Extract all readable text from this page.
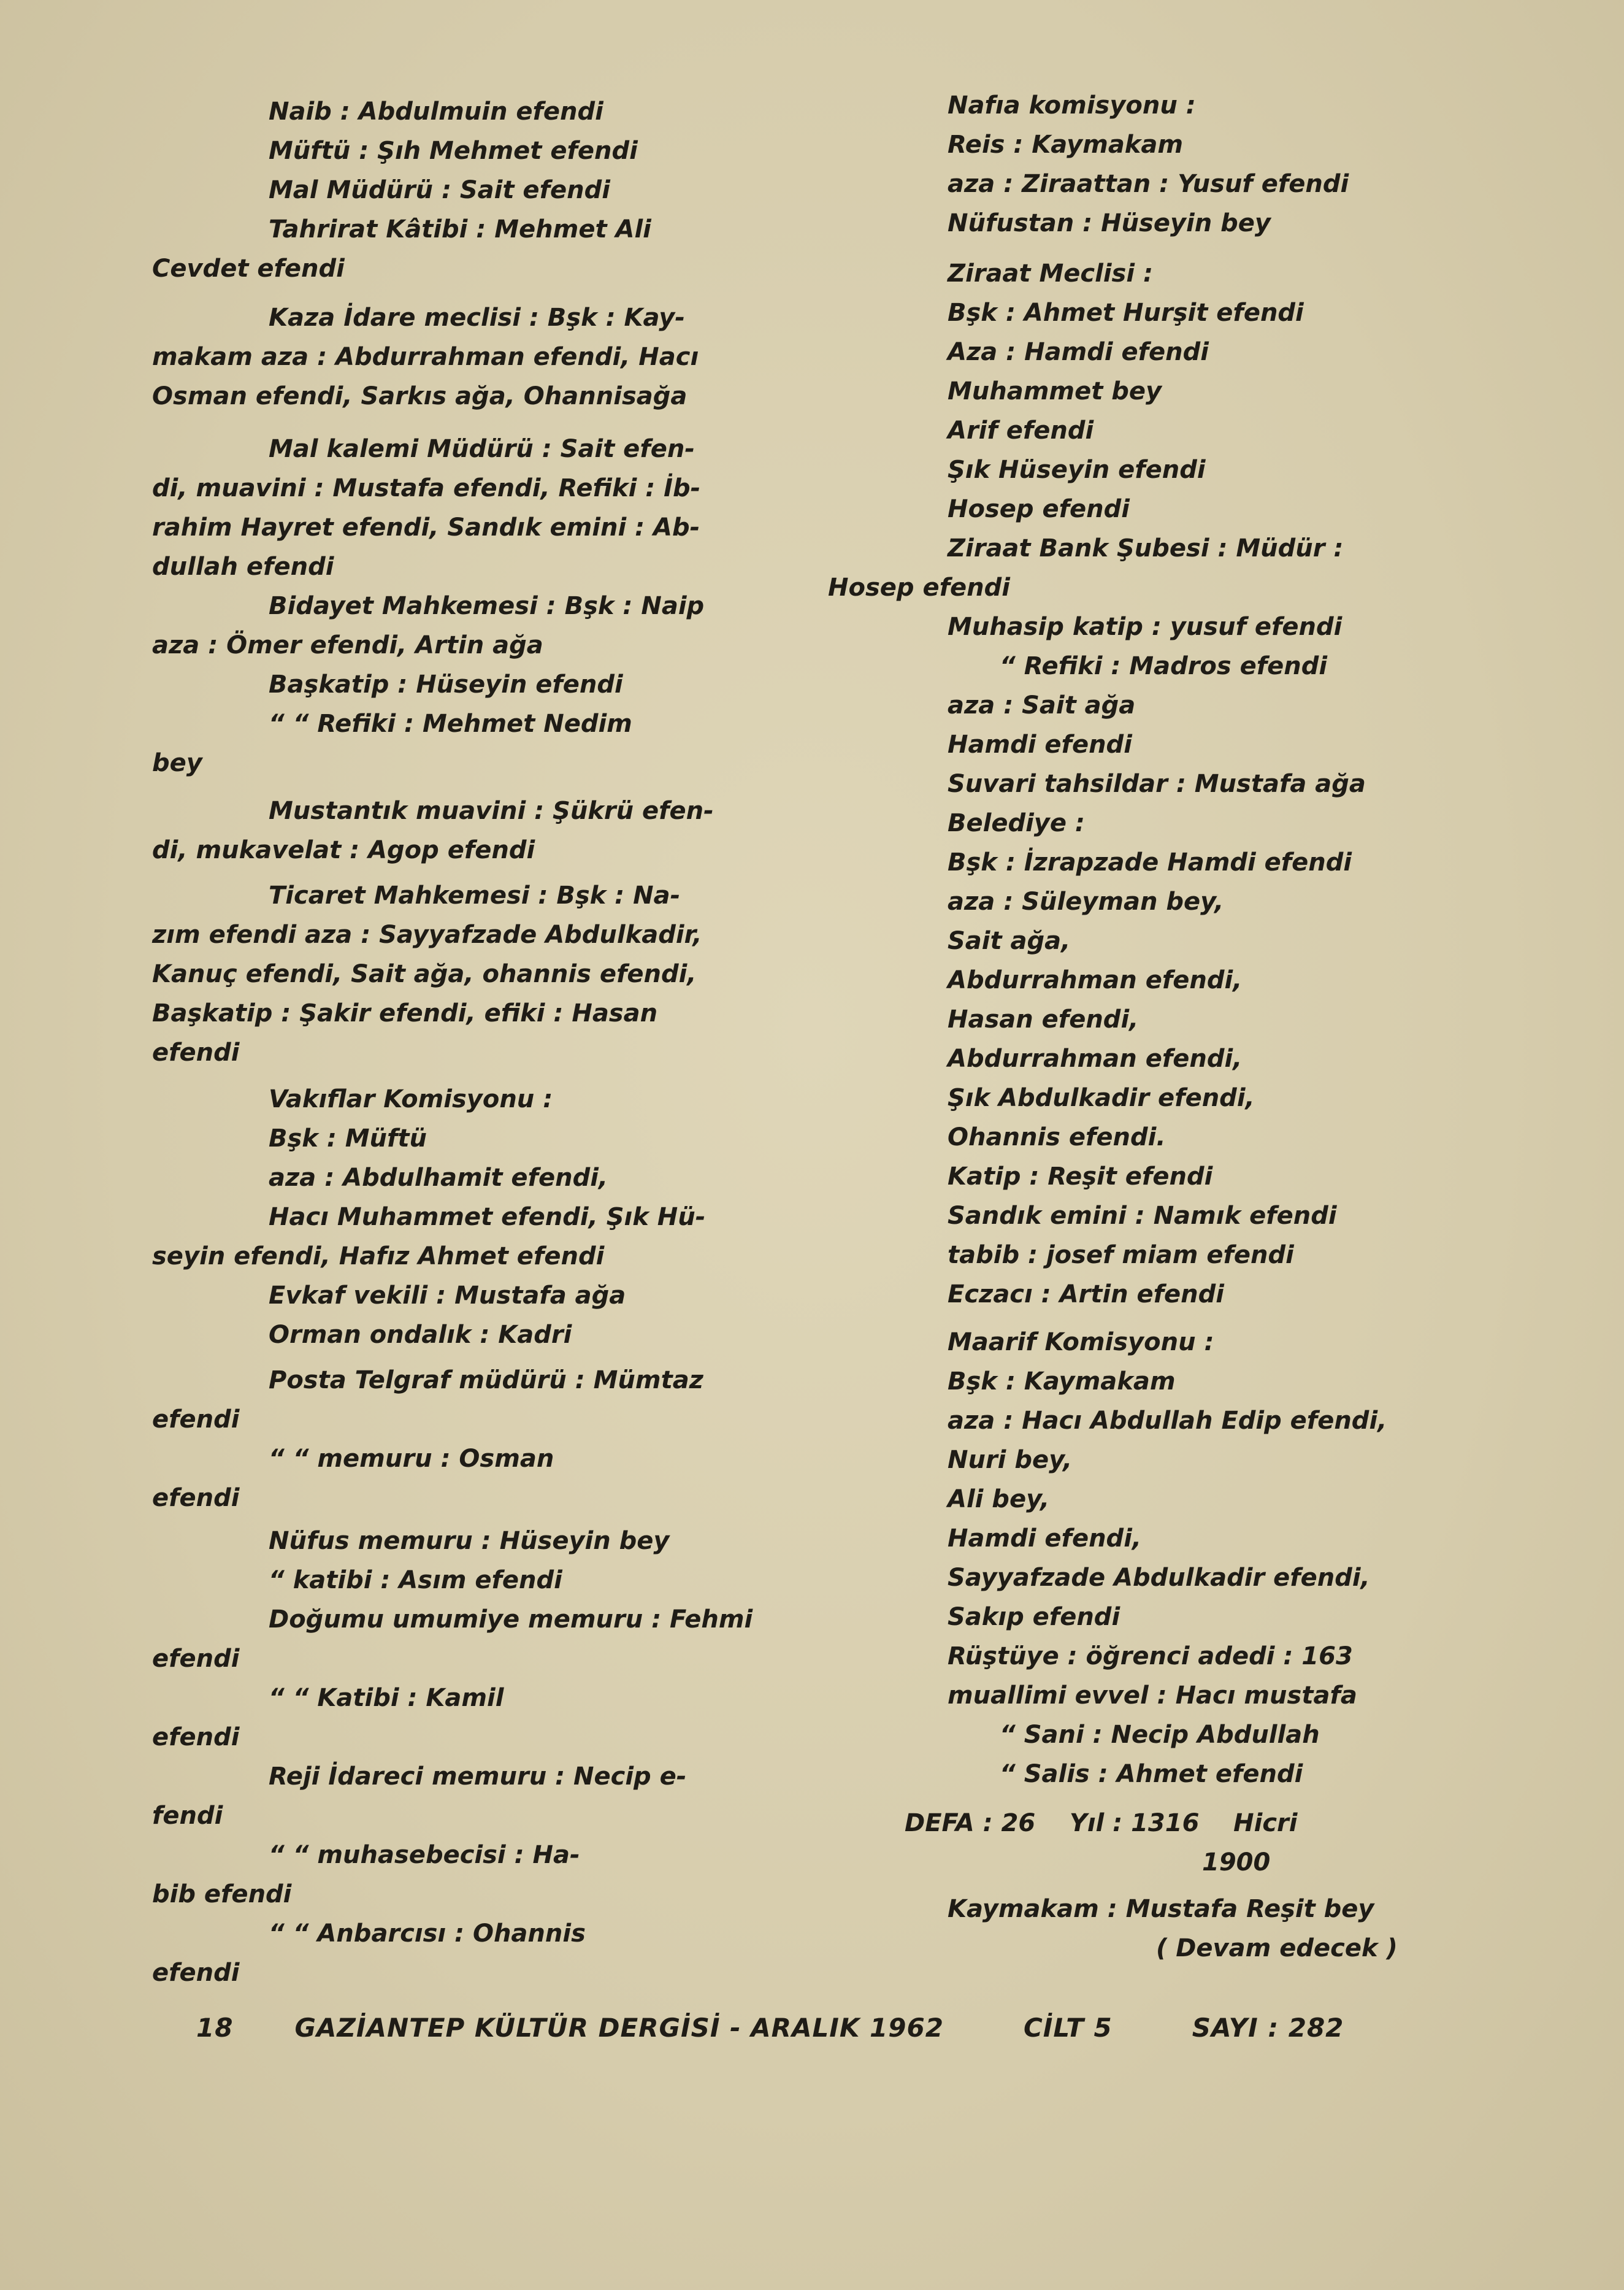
Naib : Abdulmuin efendi
Müftü : Şıh Mehmet efendi
Mal Müdürü : Sait efendi
Tahrirat Kâtibi : Mehmet Ali
Cevdet efendi
Kaza İdare meclisi : Bşk : Kay-
makam aza : Abdurrahman efendi, Hacı
Osman efendi, Sarkıs ağa, Ohannisağa
Mal kalemi Müdürü : Sait efen-
di, muavini : Mustafa efendi, Refiki : İb-
rahim Hayret efendi, Sandık emini : Ab-
dullah efendi
Bidayet Mahkemesi : Bşk : Naip
aza : Ömer efendi, Artin ağa
Başkatip : Hüseyin efendi
“ “ Refiki : Mehmet Nedim
bey
Mustantık muavini : Şükrü efen-
di, mukavelat : Agop efendi
Ticaret Mahkemesi : Bşk : Na-
zım efendi aza : Sayyafzade Abdulkadir,
Kanuç efendi, Sait ağa, ohannis efendi,
Başkatip : Şakir efendi, efiki : Hasan
efendi
Vakıflar Komisyonu :
Bşk : Müftü
aza : Abdulhamit efendi,
Hacı Muhammet efendi, Şık Hü-
seyin efendi, Hafız Ahmet efendi
Evkaf vekili : Mustafa ağa
Orman ondalık : Kadri
Posta Telgraf müdürü : Mümtaz
efendi
“ “ memuru : Osman
efendi
Nüfus memuru : Hüseyin bey
“ katibi : Asım efendi
Doğumu umumiye memuru : Fehmi
efendi
“ “ Katibi : Kamil
efendi
Reji İdareci memuru : Necip e-
fendi
“ “ muhasebecisi : Ha-
bib efendi
“ “ Anbarcısı : Ohannis
efendi
Nafıa komisyonu :
Reis : Kaymakam
aza : Ziraattan : Yusuf efendi
Nüfustan : Hüseyin bey
Ziraat Meclisi :
Bşk : Ahmet Hurşit efendi
Aza : Hamdi efendi
Muhammet bey
Arif efendi
Şık Hüseyin efendi
Hosep efendi
Ziraat Bank Şubesi : Müdür :
Hosep efendi
Muhasip katip : yusuf efendi
“ Refiki : Madros efendi
aza : Sait ağa
Hamdi efendi
Suvari tahsildar : Mustafa ağa
Belediye :
Bşk : İzrapzade Hamdi efendi
aza : Süleyman bey,
Sait ağa,
Abdurrahman efendi,
Hasan efendi,
Abdurrahman efendi,
Şık Abdulkadir efendi,
Ohannis efendi.
Katip : Reşit efendi
Sandık emini : Namık efendi
tabib : josef miam efendi
Eczacı : Artin efendi
Maarif Komisyonu :
Bşk : Kaymakam
aza : Hacı Abdullah Edip efendi,
Nuri bey,
Ali bey,
Hamdi efendi,
Sayyafzade Abdulkadir efendi,
Sakıp efendi
Rüştüye : öğrenci adedi : 163
muallimi evvel : Hacı mustafa
“ Sani : Necip Abdullah
“ Salis : Ahmet efendi
DEFA : 26    Yıl : 1316    Hicri
1900
Kaymakam : Mustafa Reşit bey
( Devam edecek )
18 GAZİANTEP KÜLTÜR DERGİSİ - ARALIK 1962	CİLT 5	SAYI : 282
